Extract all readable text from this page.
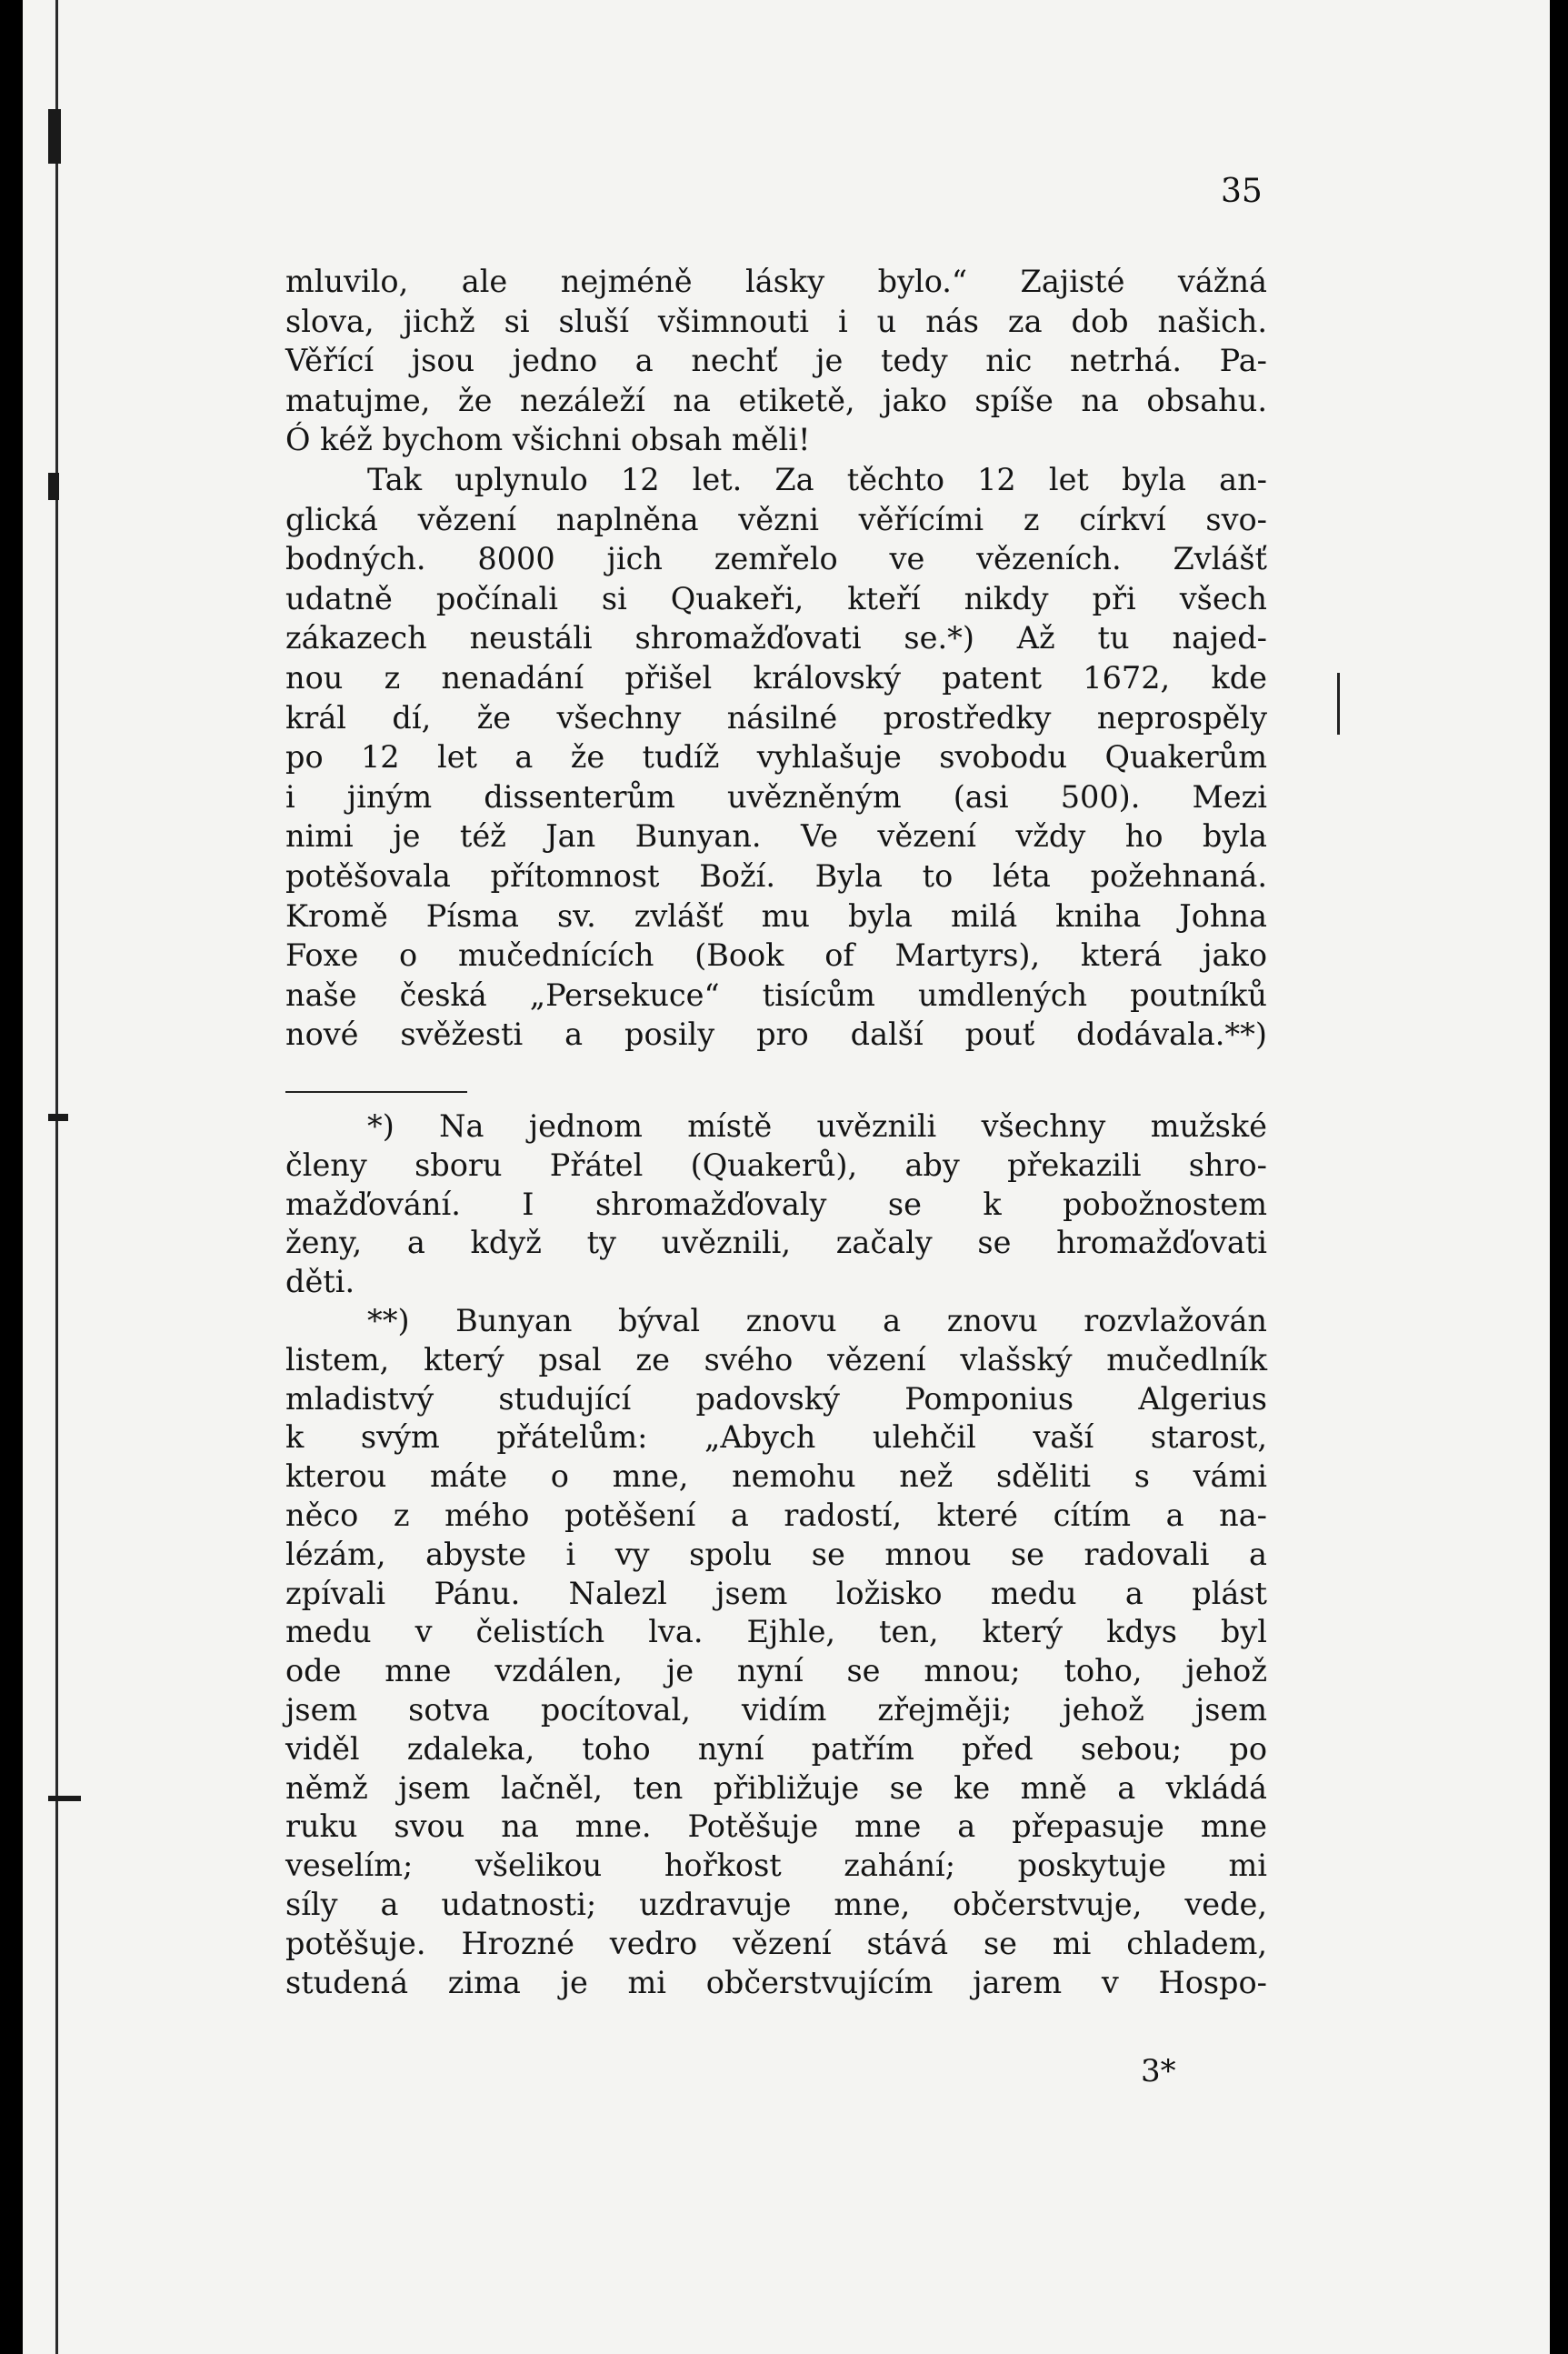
35
mluvilo, ale nejméně lásky bylo.“ Zajisté vážná
slova, jichž si sluší všimnouti i u nás za dob našich.
Věřící jsou jedno a nechť je tedy nic netrhá. Pa-
matujme, že nezáleží na etiketě, jako spíše na obsahu.
Ó kéž bychom všichni obsah měli!
Tak uplynulo 12 let. Za těchto 12 let byla an-
glická vězení naplněna vězni věřícími z církví svo-
bodných. 8000 jich zemřelo ve vězeních. Zvlášť
udatně počínali si Quakeři, kteří nikdy při všech
zákazech neustáli shromažďovati se.*) Až tu najed-
nou z nenadání přišel královský patent 1672, kde
král dí, že všechny násilné prostředky neprospěly
po 12 let a že tudíž vyhlašuje svobodu Quakerům
i jiným dissenterům uvězněným (asi 500). Mezi
nimi je též Jan Bunyan. Ve vězení vždy ho byla
potěšovala přítomnost Boží. Byla to léta požehnaná.
Kromě Písma sv. zvlášť mu byla milá kniha Johna
Foxe o mučednících (Book of Martyrs), která jako
naše česká „Persekuce“ tisícům umdlených poutníků
nové svěžesti a posily pro další pouť dodávala.**)
*) Na jednom místě uvěznili všechny mužské
členy sboru Přátel (Quakerů), aby překazili shro-
mažďování. I shromažďovaly se k pobožnostem
ženy, a když ty uvěznili, začaly se hromažďovati
děti.
**) Bunyan býval znovu a znovu rozvlažován
listem, který psal ze svého vězení vlašský mučedlník
mladistvý studující padovský Pomponius Algerius
k svým přátelům: „Abych ulehčil vaší starost,
kterou máte o mne, nemohu než sděliti s vámi
něco z mého potěšení a radostí, které cítím a na-
lézám, abyste i vy spolu se mnou se radovali a
zpívali Pánu. Nalezl jsem ložisko medu a plást
medu v čelistích lva. Ejhle, ten, který kdys byl
ode mne vzdálen, je nyní se mnou; toho, jehož
jsem sotva pocítoval, vidím zřejměji; jehož jsem
viděl zdaleka, toho nyní patřím před sebou; po
němž jsem lačněl, ten přibližuje se ke mně a vkládá
ruku svou na mne. Potěšuje mne a přepasuje mne
veselím; všelikou hořkost zahání; poskytuje mi
síly a udatnosti; uzdravuje mne, občerstvuje, vede,
potěšuje. Hrozné vedro vězení stává se mi chladem,
studená zima je mi občerstvujícím jarem v Hospo-
3*
